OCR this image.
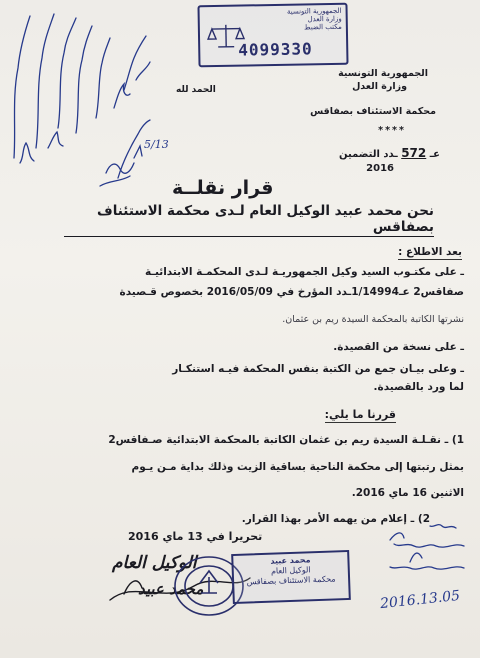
5/13
الجمهورية التونسية
وزارة العدل
مكتب الضبط
4099330
الجمهورية التونسية
وزارة العدل
محكمة الاستئناف بصفاقس
****
الحمد لله
عـ 572 ـدد التضمين
2016
قرار نقلــة
نحن محمد عبيد الوكيل العام لـدى محكمة الاستئناف بصفاقس
بعد الاطلاع :
ـ على مكتـوب السيد وكيل الجمهوريـة لـدى المحكمـة الابتدائيـة
صفاقس2 عـ1/14994ـدد المؤرخ في 2016/05/09 بخصوص قـصيدة
نشرتها الكاتبة بالمحكمة السيدة ريم بن عثمان.
ـ على نسخة من القصيدة.
ـ وعلى بيـان جمع من الكتبة بنفس المحكمة فيـه استنكـار
لما ورد بالقصيدة.
قررنا ما يلي:
1) ـ نقـلـة السيدة ريم بن عثمان الكاتبة بالمحكمة الابتدائية صـفاقس2
بمثل رتبتها إلى محكمة الناحية بساقية الزيت وذلك بداية مـن يـوم
الاثنين 16 ماي 2016.
2) ـ إعلام من يهمه الأمر بهذا القرار.
تحريرا في 13 ماي 2016
الوكيل العام
محمد عبيد
محمد عبيد
الوكيل العام
محكمة الاستئناف بصفاقس
2016.13.05
